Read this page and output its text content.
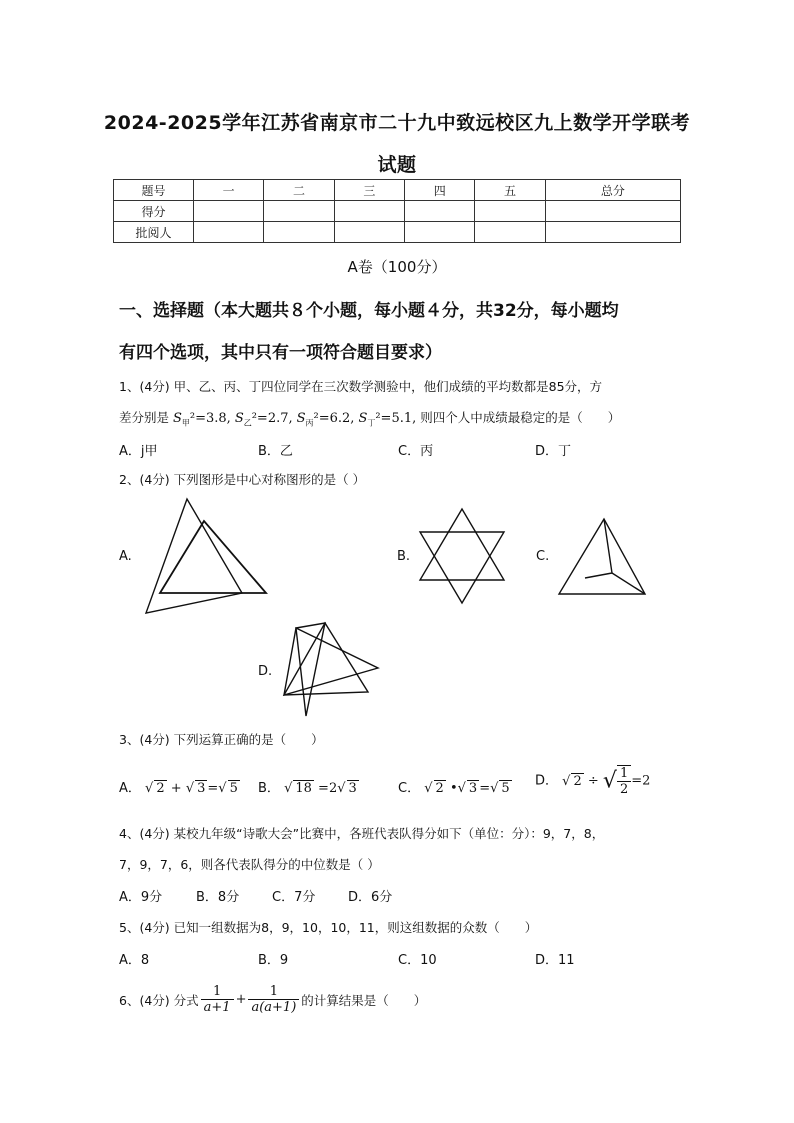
2024-2025学年江苏省南京市二十九中致远校区九上数学开学联考
试题
题号	一	二	三	四	五	总分
得分						
批阅人						
A卷（100分）
一、选择题（本大题共８个小题，每小题４分，共32分，每小题均
有四个选项，其中只有一项符合题目要求）
1、(4分) 甲、乙、丙、丁四位同学在三次数学测验中，他们成绩的平均数都是85分，方
差分别是 $S_甲^2=3.8$, $S_乙^2=2.7$, $S_丙^2=6.2$, $S_丁^2=5.1$, 则四个人中成绩最稳定的是（　　）
A．j甲	B．乙	C．丙	D．丁
2、(4分) 下列图形是中心对称图形的是（ ）
A.	B.	C.
D.
3、(4分) 下列运算正确的是（　　）
A． √ 2 + √ 3 =√ 5 B． √ 18 =2√ 3	C． √ 2 •√ 3 =√ 5 D． √ 2 ÷ √ $\frac{1}{2} =2$
4、(4分) 某校九年级“诗歌大会”比赛中，各班代表队得分如下（单位：分）：9，7，8，
7，9，7，6，则各代表队得分的中位数是（ ）
A．9分	B．8分	C．7分	D．6分
5、(4分) 已知一组数据为8，9，10，10，11，则这组数据的众数（　　）
A．8	B．9	C．10	D．11
6、(4分) 分式 $\frac{1}{a+1} + \frac{1}{a(a+1)}$ 的计算结果是（　　）
